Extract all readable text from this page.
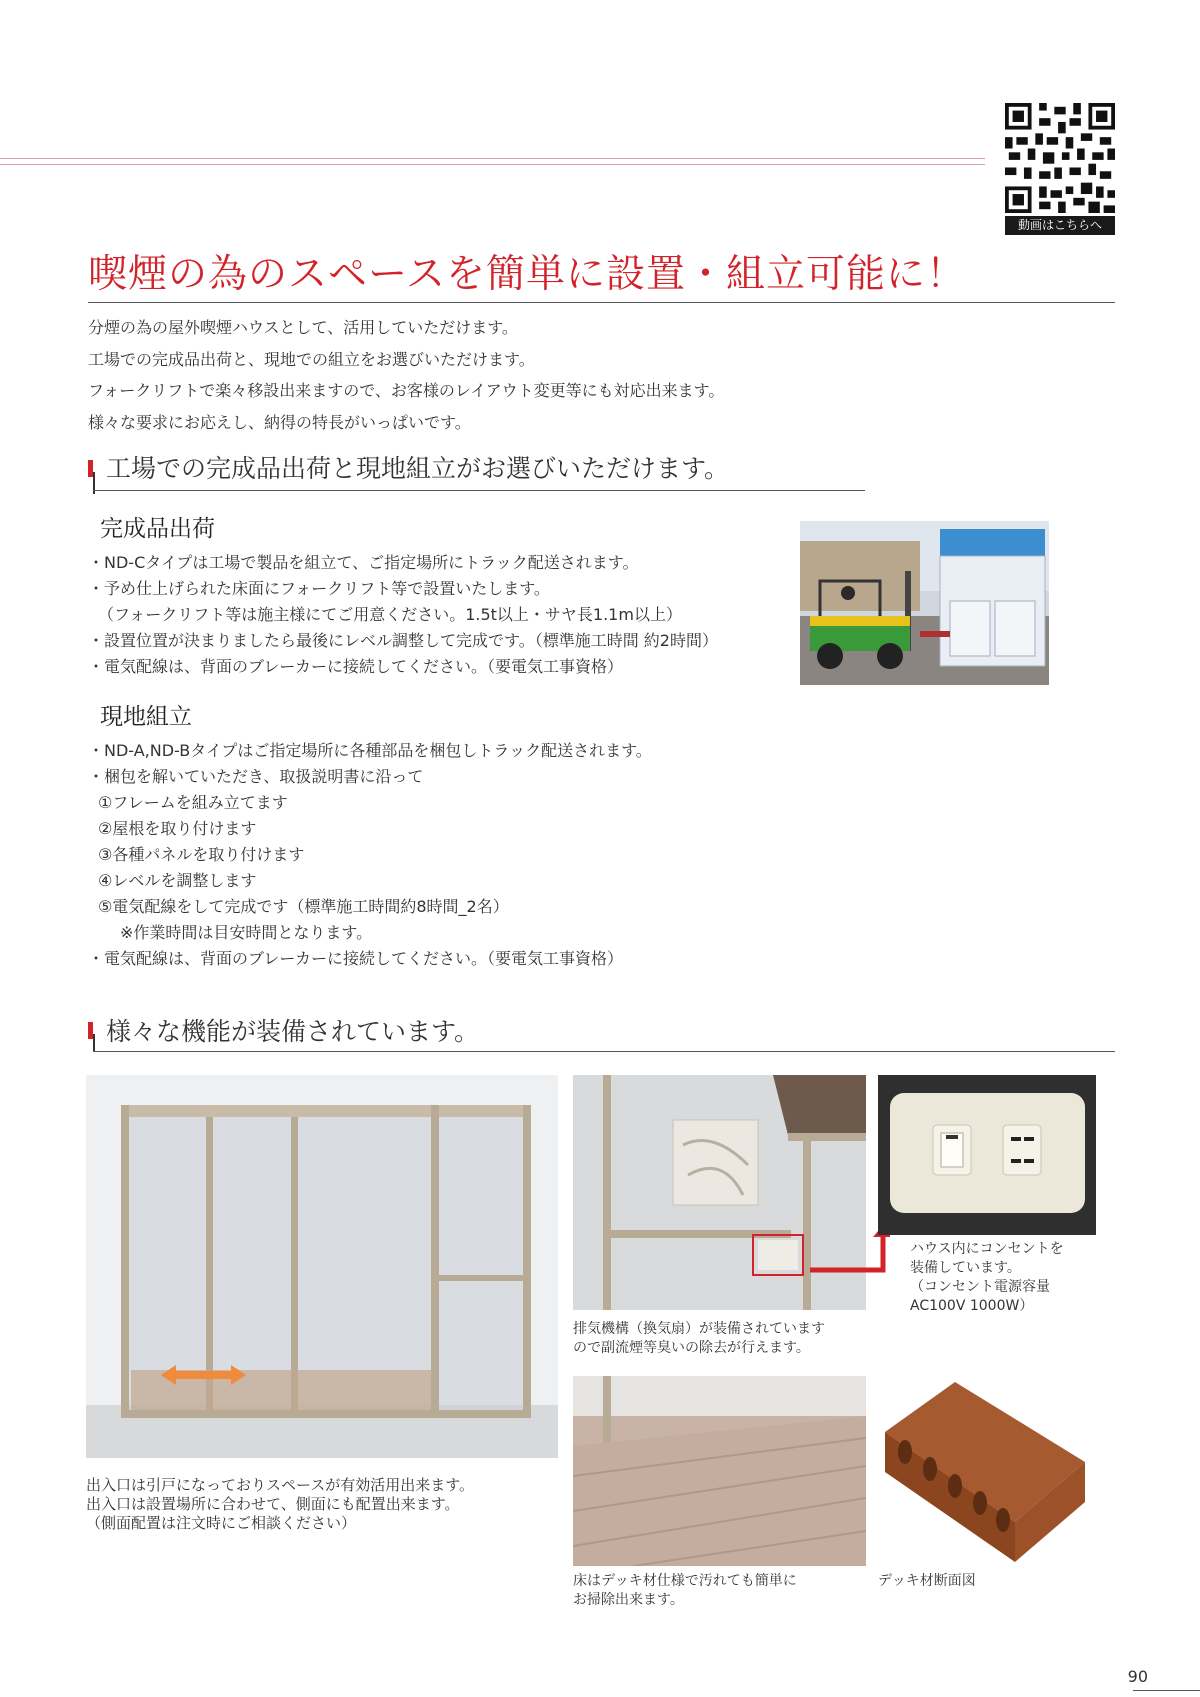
動画はこちらへ
喫煙の為のスペースを簡単に設置・組立可能に！

分煙の為の屋外喫煙ハウスとして、活用していただけます。

工場での完成品出荷と、現地での組立をお選びいただけます。

フォークリフトで楽々移設出来ますので、お客様のレイアウト変更等にも対応出来ます。

様々な要求にお応えし、納得の特長がいっぱいです。

工場での完成品出荷と現地組立がお選びいただけます。
完成品出荷
・ND-Cタイプは工場で製品を組立て、ご指定場所にトラック配送されます。
・予め仕上げられた床面にフォークリフト等で設置いたします。
（フォークリフト等は施主様にてご用意ください。1.5t以上・サヤ長1.1m以上）
・設置位置が決まりましたら最後にレベル調整して完成です。（標準施工時間 約2時間）
・電気配線は、背面のブレーカーに接続してください。（要電気工事資格）
現地組立
・ND-A,ND-Bタイプはご指定場所に各種部品を梱包しトラック配送されます。
・梱包を解いていただき、取扱説明書に沿って
①フレームを組み立てます
②屋根を取り付けます
③各種パネルを取り付けます
④レベルを調整します
⑤電気配線をして完成です（標準施工時間約8時間_2名）
※作業時間は目安時間となります。
・電気配線は、背面のブレーカーに接続してください。（要電気工事資格）
様々な機能が装備されています。
出入口は引戸になっておりスペースが有効活用出来ます。
出入口は設置場所に合わせて、側面にも配置出来ます。
（側面配置は注文時にご相談ください）
排気機構（換気扇）が装備されています
ので副流煙等臭いの除去が行えます。
ハウス内にコンセントを
装備しています。
（コンセント電源容量
AC100V 1000W）
床はデッキ材仕様で汚れても簡単に
お掃除出来ます。
デッキ材断面図
90
